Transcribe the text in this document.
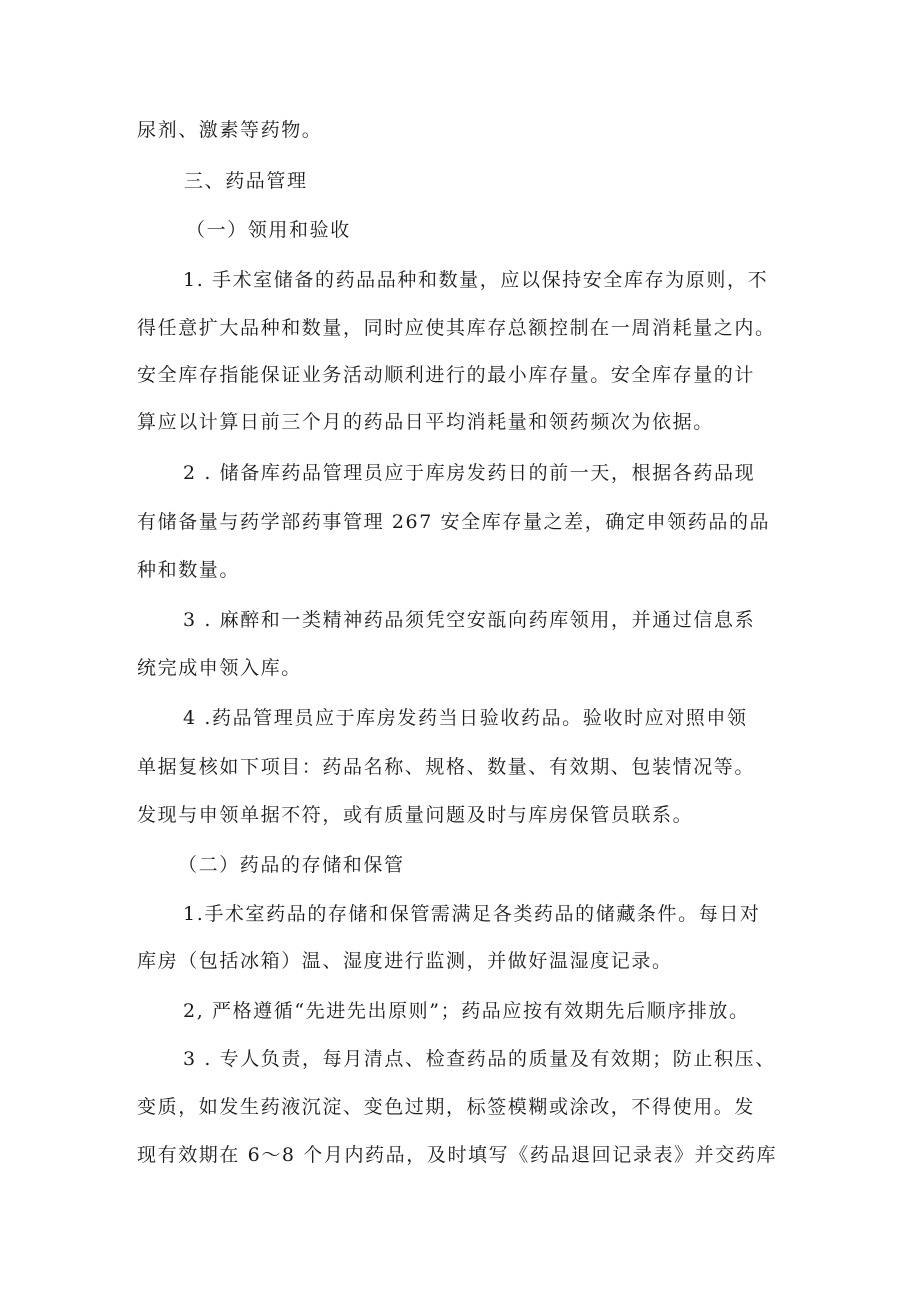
尿剂、激素等药物。
三、药品管理
（一）领用和验收
1. 手术室储备的药品品种和数量，应以保持安全库存为原则，不
得任意扩大品种和数量，同时应使其库存总额控制在一周消耗量之内。
安全库存指能保证业务活动顺利进行的最小库存量。安全库存量的计
算应以计算日前三个月的药品日平均消耗量和领药频次为依据。
2 . 储备库药品管理员应于库房发药日的前一天，根据各药品现
有储备量与药学部药事管理 267 安全库存量之差，确定申领药品的品
种和数量。
3 . 麻醉和一类精神药品须凭空安瓿向药库领用，并通过信息系
统完成申领入库。
4 .药品管理员应于库房发药当日验收药品。验收时应对照申领
单据复核如下项目：药品名称、规格、数量、有效期、包装情况等。
发现与申领单据不符，或有质量问题及时与库房保管员联系。
（二）药品的存储和保管
1.手术室药品的存储和保管需满足各类药品的储藏条件。每日对
库房（包括冰箱）温、湿度进行监测，并做好温湿度记录。
2, 严格遵循“先进先出原则”；药品应按有效期先后顺序排放。
3 . 专人负责，每月清点、检查药品的质量及有效期；防止积压、
变质，如发生药液沉淀、变色过期，标签模糊或涂改，不得使用。发
现有效期在 6～8 个月内药品，及时填写《药品退回记录表》并交药库
